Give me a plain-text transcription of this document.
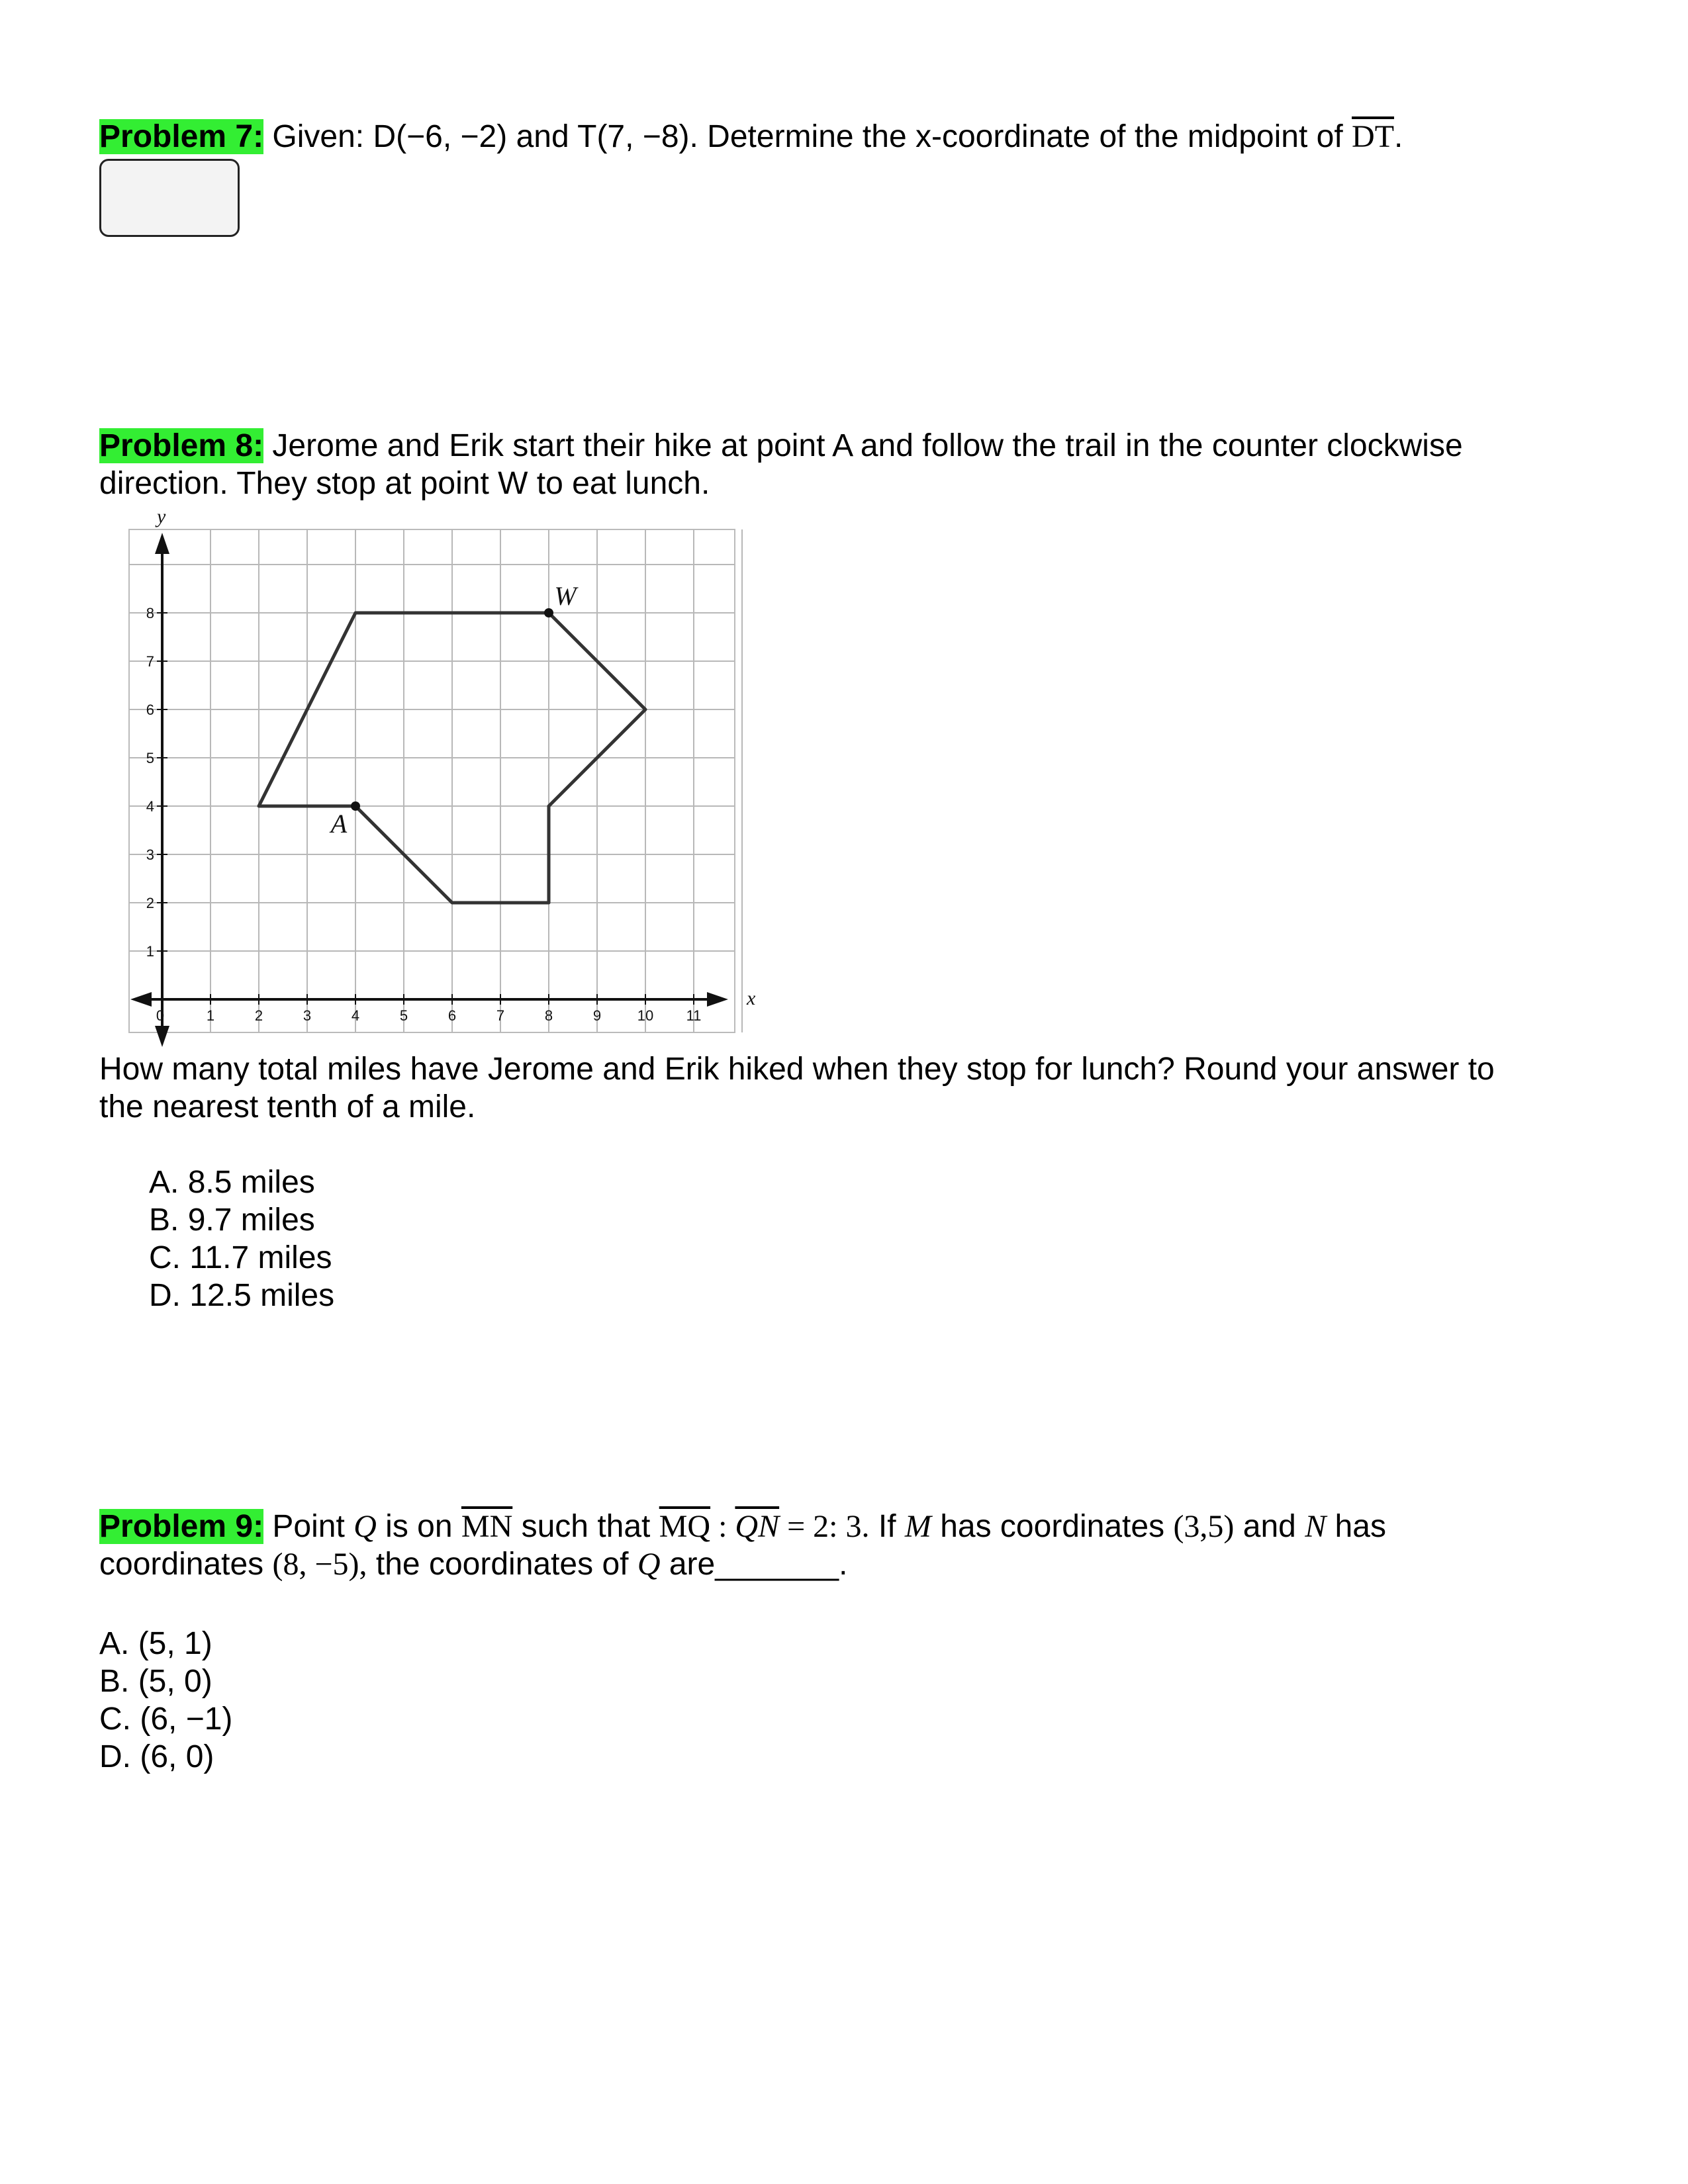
Problem 7: Given: D(−6, −2) and T(7, −8). Determine the x-coordinate of the midpoint of $\overline{DT}$.
Problem 8: Jerome and Erik start their hike at point A and follow the trail in the counter clockwise
direction. They stop at point W to eat lunch.
0	1	2	3	4	5	6	7	8	9 10 11
1
2
3
4
5
6
7
8
x
y
A
W
How many total miles have Jerome and Erik hiked when they stop for lunch? Round your answer to
the nearest tenth of a mile.
A. 8.5 miles
B. 9.7 miles
C. 11.7 miles
D. 12.5 miles
Problem 9: Point Q is on $\overline{MN}$ such that $\overline{MQ}$ : $\overline{QN} = 2$: 3. If M has coordinates (3,5) and N has
coordinates (8, −5), the coordinates of Q are_______.
A. (5, 1)
B. (5, 0)
C. (6, −1)
D. (6, 0)
